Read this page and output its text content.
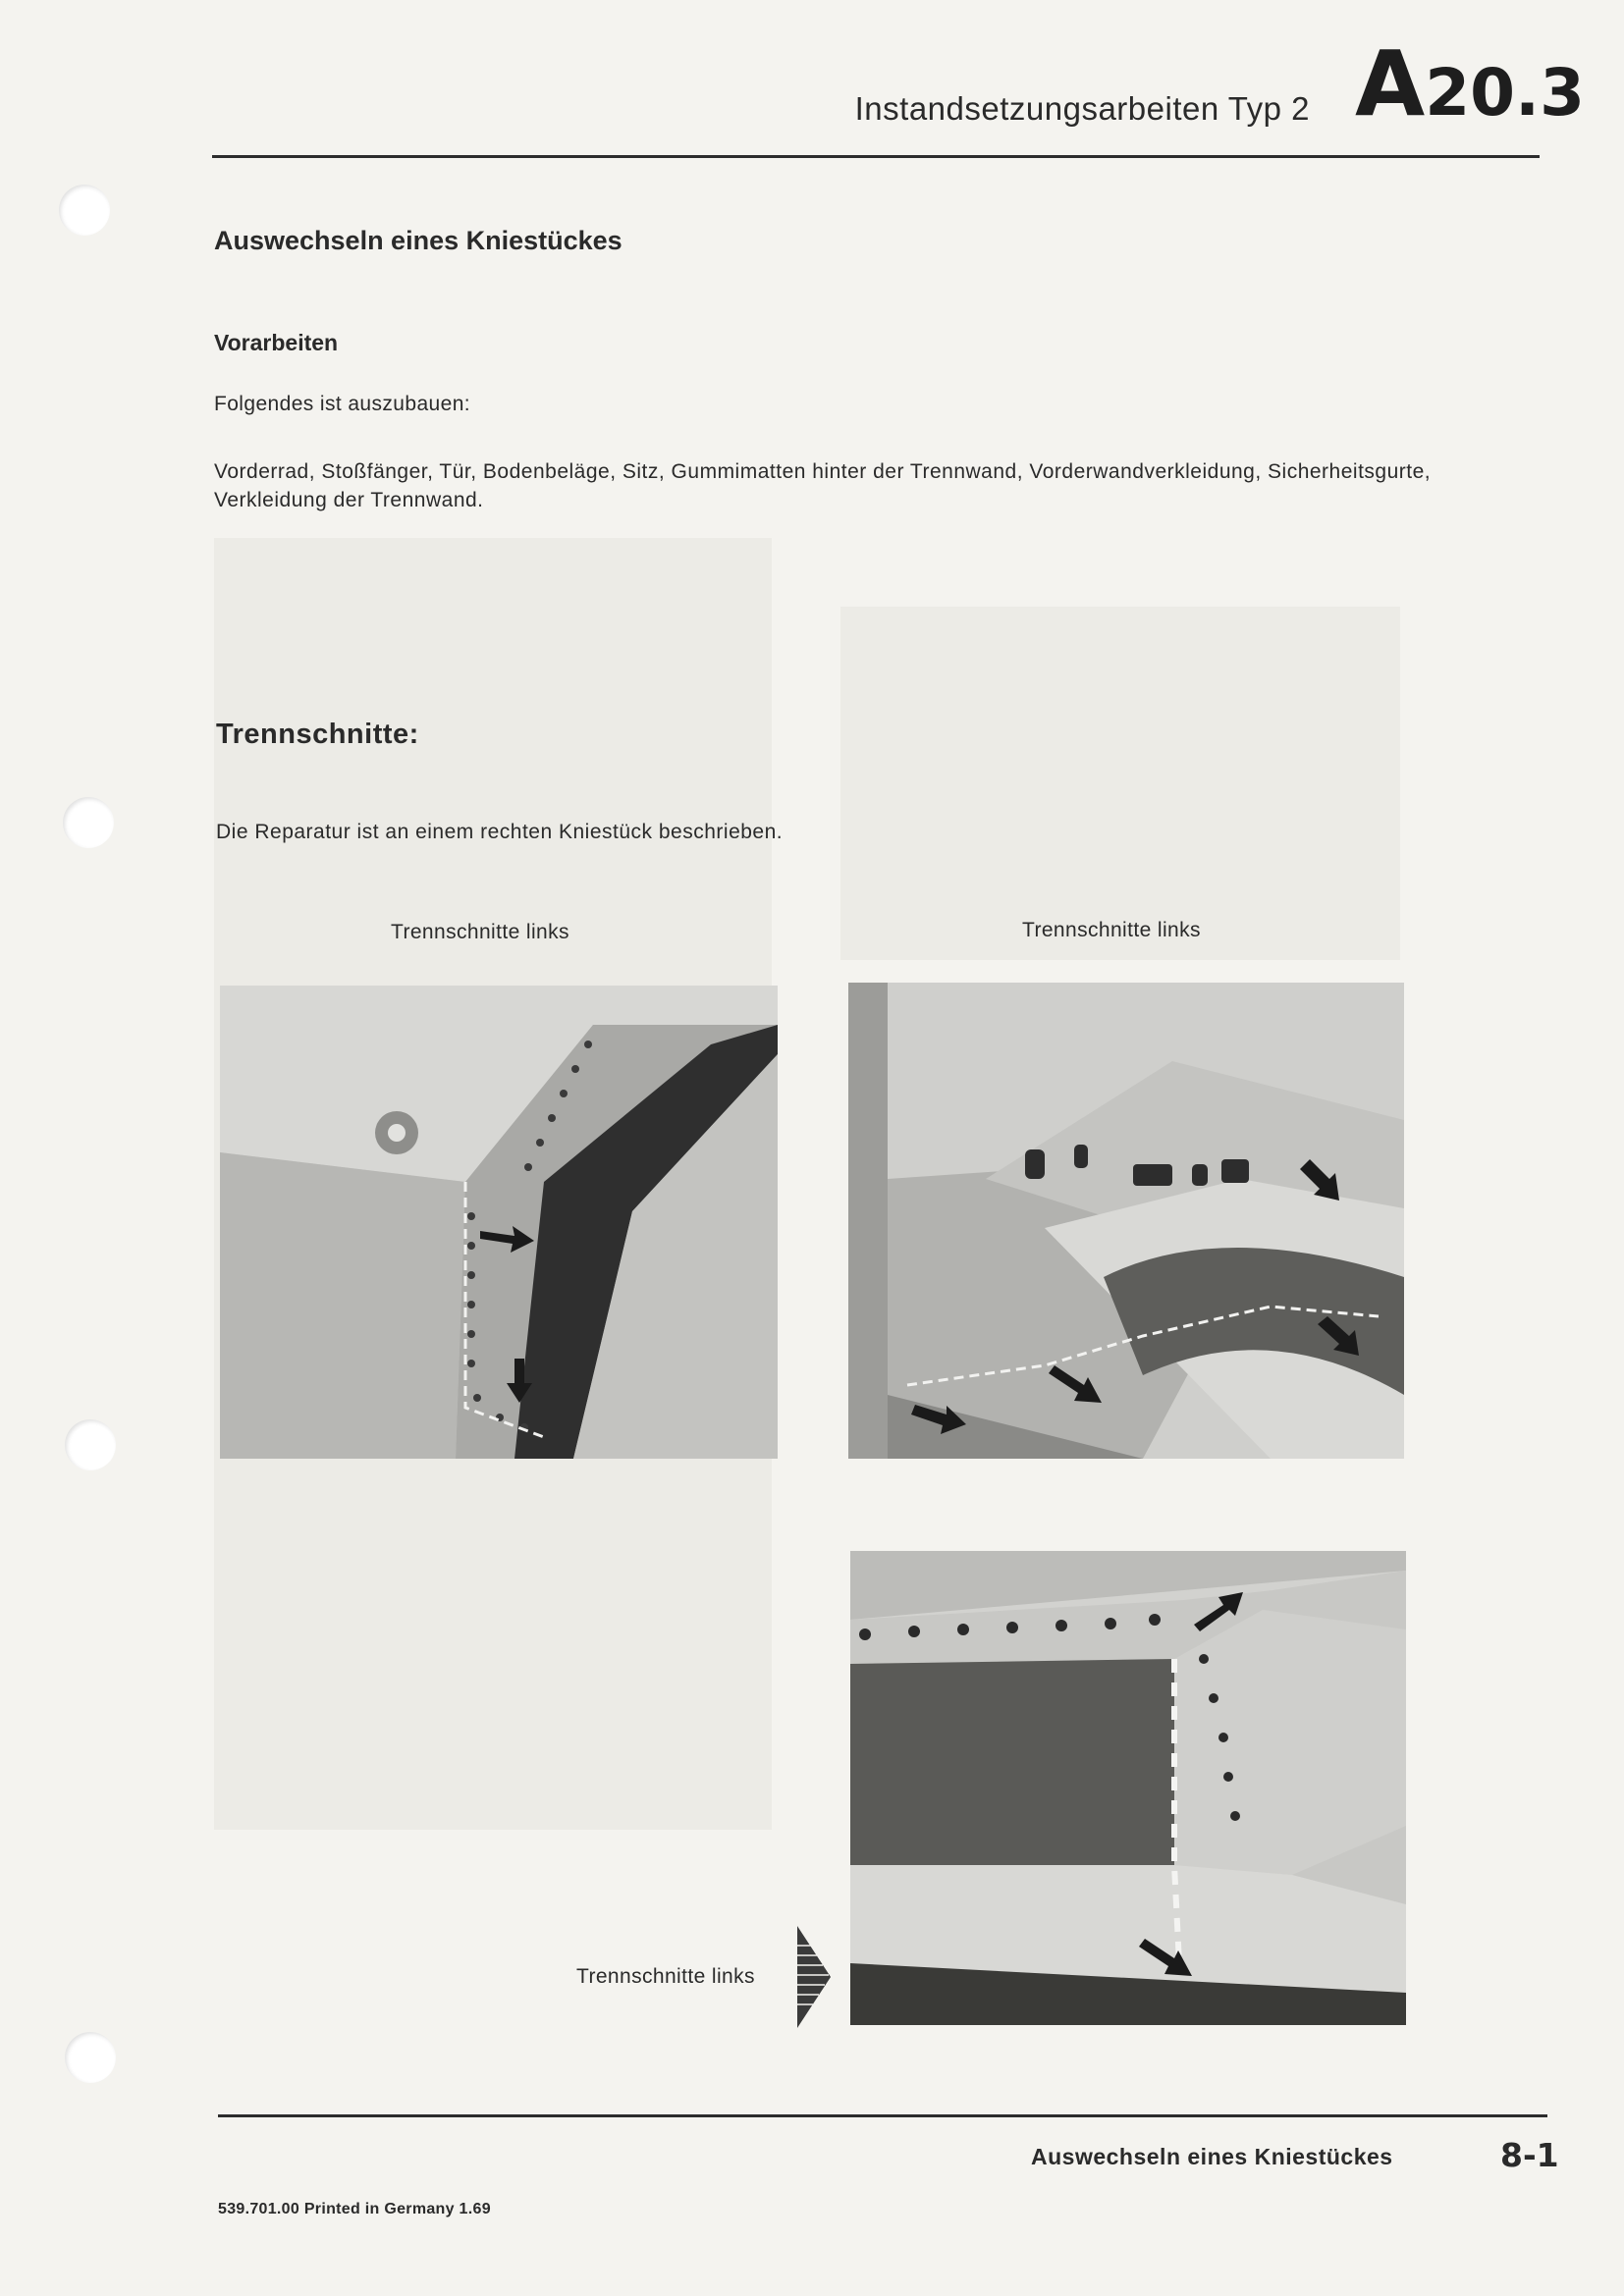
Instandsetzungsarbeiten Typ 2 A20.3
Auswechseln eines Kniestückes
Vorarbeiten
Folgendes ist auszubauen:
Vorderrad, Stoßfänger, Tür, Bodenbeläge, Sitz, Gummimatten hinter der Trennwand, Vorderwandverkleidung, Sicherheitsgurte, Verkleidung der Trennwand.
Trennschnitte:
Die Reparatur ist an einem rechten Kniestück beschrieben.
Trennschnitte links	Trennschnitte links
Trennschnitte links
Auswechseln eines Kniestückes	8-1
539.701.00 Printed in Germany 1.69
